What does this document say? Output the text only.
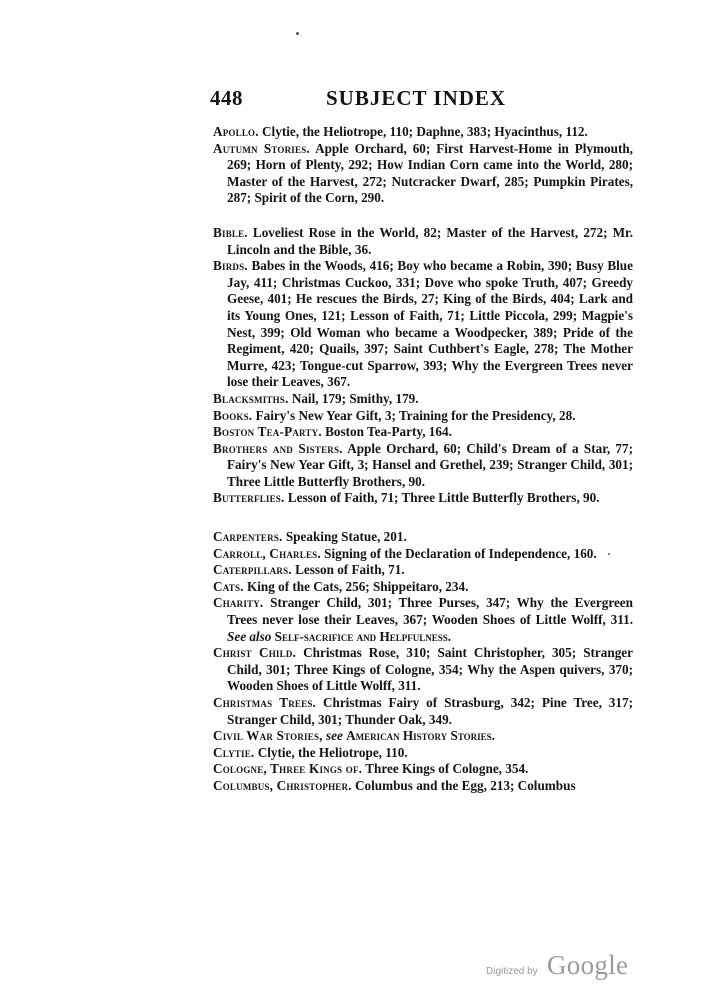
448	SUBJECT INDEX

Apollo. Clytie, the Heliotrope, 110; Daphne, 383; Hyacinthus, 112.

Autumn Stories. Apple Orchard, 60; First Harvest-Home in Plymouth, 269; Horn of Plenty, 292; How Indian Corn came into the World, 280; Master of the Harvest, 272; Nutcracker Dwarf, 285; Pumpkin Pirates, 287; Spirit of the Corn, 290.

Bible. Loveliest Rose in the World, 82; Master of the Harvest, 272; Mr. Lincoln and the Bible, 36.

Birds. Babes in the Woods, 416; Boy who became a Robin, 390; Busy Blue Jay, 411; Christmas Cuckoo, 331; Dove who spoke Truth, 407; Greedy Geese, 401; He rescues the Birds, 27; King of the Birds, 404; Lark and its Young Ones, 121; Lesson of Faith, 71; Little Piccola, 299; Magpie's Nest, 399; Old Woman who became a Woodpecker, 389; Pride of the Regiment, 420; Quails, 397; Saint Cuthbert's Eagle, 278; The Mother Murre, 423; Tongue-cut Sparrow, 393; Why the Evergreen Trees never lose their Leaves, 367.

Blacksmiths. Nail, 179; Smithy, 179.

Books. Fairy's New Year Gift, 3; Training for the Presidency, 28.

Boston Tea-Party. Boston Tea-Party, 164.

Brothers and Sisters. Apple Orchard, 60; Child's Dream of a Star, 77; Fairy's New Year Gift, 3; Hansel and Grethel, 239; Stranger Child, 301; Three Little Butterfly Brothers, 90.

Butterflies. Lesson of Faith, 71; Three Little Butterfly Brothers, 90.

Carpenters. Speaking Statue, 201.

Carroll, Charles. Signing of the Declaration of Independence, 160.

Caterpillars. Lesson of Faith, 71.

Cats. King of the Cats, 256; Shippeitaro, 234.

Charity. Stranger Child, 301; Three Purses, 347; Why the Evergreen Trees never lose their Leaves, 367; Wooden Shoes of Little Wolff, 311. See also Self-sacrifice and Helpfulness.

Christ Child. Christmas Rose, 310; Saint Christopher, 305; Stranger Child, 301; Three Kings of Cologne, 354; Why the Aspen quivers, 370; Wooden Shoes of Little Wolff, 311.

Christmas Trees. Christmas Fairy of Strasburg, 342; Pine Tree, 317; Stranger Child, 301; Thunder Oak, 349.

Civil War Stories, see American History Stories.

Clytie. Clytie, the Heliotrope, 110.

Cologne, Three Kings of. Three Kings of Cologne, 354.

Columbus, Christopher. Columbus and the Egg, 213; Columbus

Digitized by Google
